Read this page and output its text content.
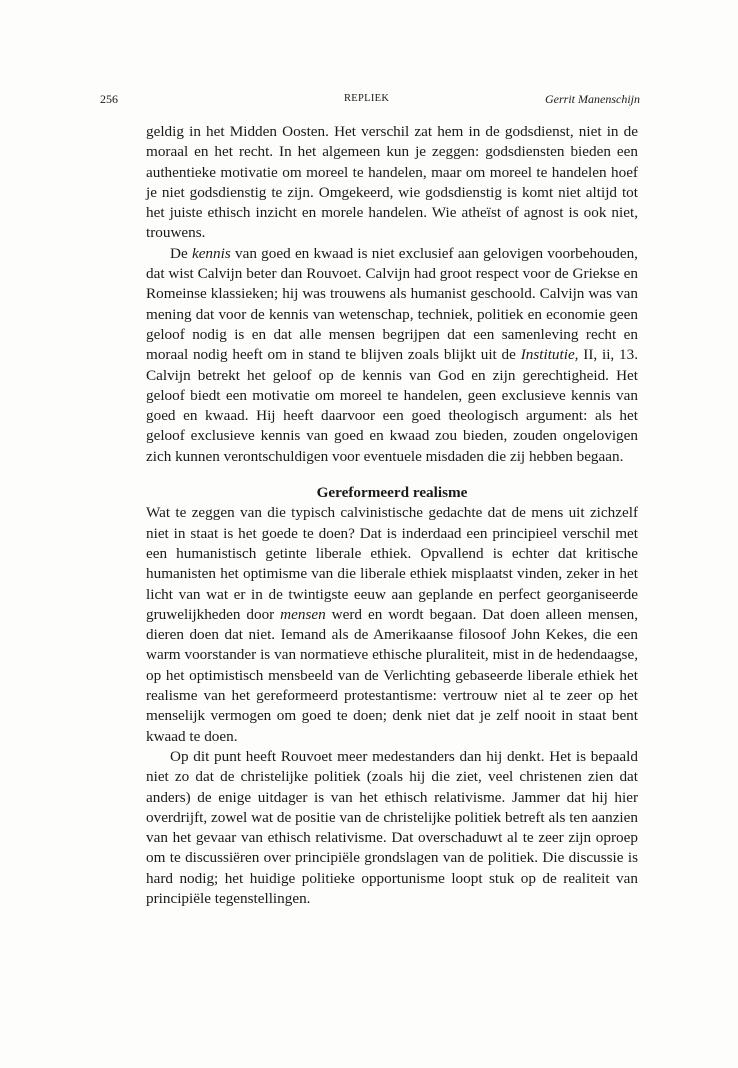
256	REPLIEK	Gerrit Manenschijn

geldig in het Midden Oosten. Het verschil zat hem in de godsdienst, niet in de moraal en het recht. In het algemeen kun je zeggen: godsdiensten bieden een authentieke motivatie om moreel te handelen, maar om moreel te handelen hoef je niet godsdienstig te zijn. Omgekeerd, wie godsdienstig is komt niet altijd tot het juiste ethisch inzicht en morele handelen. Wie atheïst of agnost is ook niet, trouwens.

De kennis van goed en kwaad is niet exclusief aan gelovigen voorbehouden, dat wist Calvijn beter dan Rouvoet. Calvijn had groot respect voor de Griekse en Romeinse klassieken; hij was trouwens als humanist geschoold. Calvijn was van mening dat voor de kennis van wetenschap, techniek, politiek en economie geen geloof nodig is en dat alle mensen begrijpen dat een samenleving recht en moraal nodig heeft om in stand te blijven zoals blijkt uit de Institutie, II, ii, 13. Calvijn betrekt het geloof op de kennis van God en zijn gerechtigheid. Het geloof biedt een motivatie om moreel te handelen, geen exclusieve kennis van goed en kwaad. Hij heeft daarvoor een goed theologisch argument: als het geloof exclusieve kennis van goed en kwaad zou bieden, zouden ongelovigen zich kunnen verontschuldigen voor eventuele misdaden die zij hebben begaan.

Gereformeerd realisme

Wat te zeggen van die typisch calvinistische gedachte dat de mens uit zichzelf niet in staat is het goede te doen? Dat is inderdaad een principieel verschil met een humanistisch getinte liberale ethiek. Opvallend is echter dat kritische humanisten het optimisme van die liberale ethiek misplaatst vinden, zeker in het licht van wat er in de twintigste eeuw aan geplande en perfect georganiseerde gruwelijkheden door mensen werd en wordt begaan. Dat doen alleen mensen, dieren doen dat niet. Iemand als de Amerikaanse filosoof John Kekes, die een warm voorstander is van normatieve ethische pluraliteit, mist in de hedendaagse, op het optimistisch mensbeeld van de Verlichting gebaseerde liberale ethiek het realisme van het gereformeerd protestantisme: vertrouw niet al te zeer op het menselijk vermogen om goed te doen; denk niet dat je zelf nooit in staat bent kwaad te doen.

Op dit punt heeft Rouvoet meer medestanders dan hij denkt. Het is bepaald niet zo dat de christelijke politiek (zoals hij die ziet, veel christenen zien dat anders) de enige uitdager is van het ethisch relativisme. Jammer dat hij hier overdrijft, zowel wat de positie van de christelijke politiek betreft als ten aanzien van het gevaar van ethisch relativisme. Dat overschaduwt al te zeer zijn oproep om te discussiëren over principiële grondslagen van de politiek. Die discussie is hard nodig; het huidige politieke opportunisme loopt stuk op de realiteit van principiële tegenstellingen.
